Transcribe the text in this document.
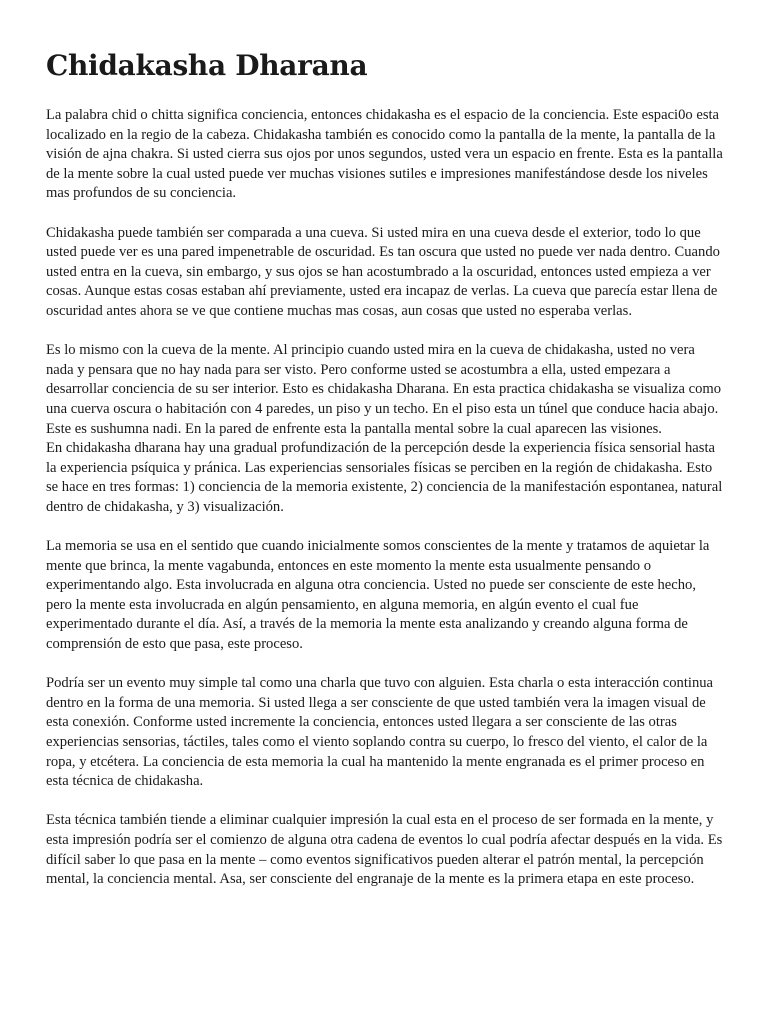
Chidakasha Dharana

La palabra chid o chitta significa conciencia, entonces chidakasha es el espacio de la conciencia. Este espaci0o esta localizado en la regio de la cabeza. Chidakasha también es conocido como la pantalla de la mente, la pantalla de la visión de ajna chakra. Si usted cierra sus ojos por unos segundos, usted vera un espacio en frente. Esta es la pantalla de la mente sobre la cual usted puede ver muchas visiones sutiles e impresiones manifestándose desde los niveles mas profundos de su conciencia.

Chidakasha puede también ser comparada a una cueva. Si usted mira en una cueva desde el exterior, todo lo que usted puede ver es una pared impenetrable de oscuridad. Es tan oscura que usted no puede ver nada dentro. Cuando usted entra en la cueva, sin embargo, y sus ojos se han acostumbrado a la oscuridad, entonces usted empieza a ver cosas. Aunque estas cosas estaban ahí previamente, usted era incapaz de verlas. La cueva que parecía estar llena de oscuridad antes ahora se ve que contiene muchas mas cosas, aun cosas que usted no esperaba verlas.

Es lo mismo con la cueva de la mente. Al principio cuando usted mira en la cueva de chidakasha, usted no vera nada y pensara que no hay nada para ser visto. Pero conforme usted se acostumbra a ella, usted empezara a desarrollar conciencia de su ser interior. Esto es chidakasha Dharana. En esta practica chidakasha se visualiza como una cuerva oscura o habitación con 4 paredes, un piso y un techo. En el piso esta un túnel que conduce hacia abajo. Este es sushumna nadi. En la pared de enfrente esta la pantalla mental sobre la cual aparecen las visiones.

En chidakasha dharana hay una gradual profundización de la percepción desde la experiencia física sensorial hasta la experiencia psíquica y pránica. Las experiencias sensoriales físicas se perciben en la región de chidakasha. Esto se hace en tres formas: 1) conciencia de la memoria existente, 2) conciencia de la manifestación espontanea, natural dentro de chidakasha, y 3) visualización.

La memoria se usa en el sentido que cuando inicialmente somos conscientes de la mente y tratamos de aquietar la mente que brinca, la mente vagabunda, entonces en este momento la mente esta usualmente pensando o experimentando algo. Esta involucrada en alguna otra conciencia. Usted no puede ser consciente de este hecho, pero la mente esta involucrada en algún pensamiento, en alguna memoria, en algún evento el cual fue experimentado durante el día. Así, a través de la memoria la mente esta analizando y creando alguna forma de comprensión de esto que pasa, este proceso.

Podría ser un evento muy simple tal como una charla que tuvo con alguien. Esta charla o esta interacción continua dentro en la forma de una memoria. Si usted llega a ser consciente de que usted también vera la imagen visual de esta conexión. Conforme usted incremente la conciencia, entonces usted llegara a ser consciente de las otras experiencias sensorias, táctiles, tales como el viento soplando contra su cuerpo, lo fresco del viento, el calor de la ropa, y etcétera. La conciencia de esta memoria la cual ha mantenido la mente engranada es el primer proceso en esta técnica de chidakasha.

Esta técnica también tiende a eliminar cualquier impresión la cual esta en el proceso de ser formada en la mente, y esta impresión podría ser el comienzo de alguna otra cadena de eventos lo cual podría afectar después en la vida. Es difícil saber lo que pasa en la mente – como eventos significativos pueden alterar el patrón mental, la percepción mental, la conciencia mental. Asa, ser consciente del engranaje de la mente es la primera etapa en este proceso.
